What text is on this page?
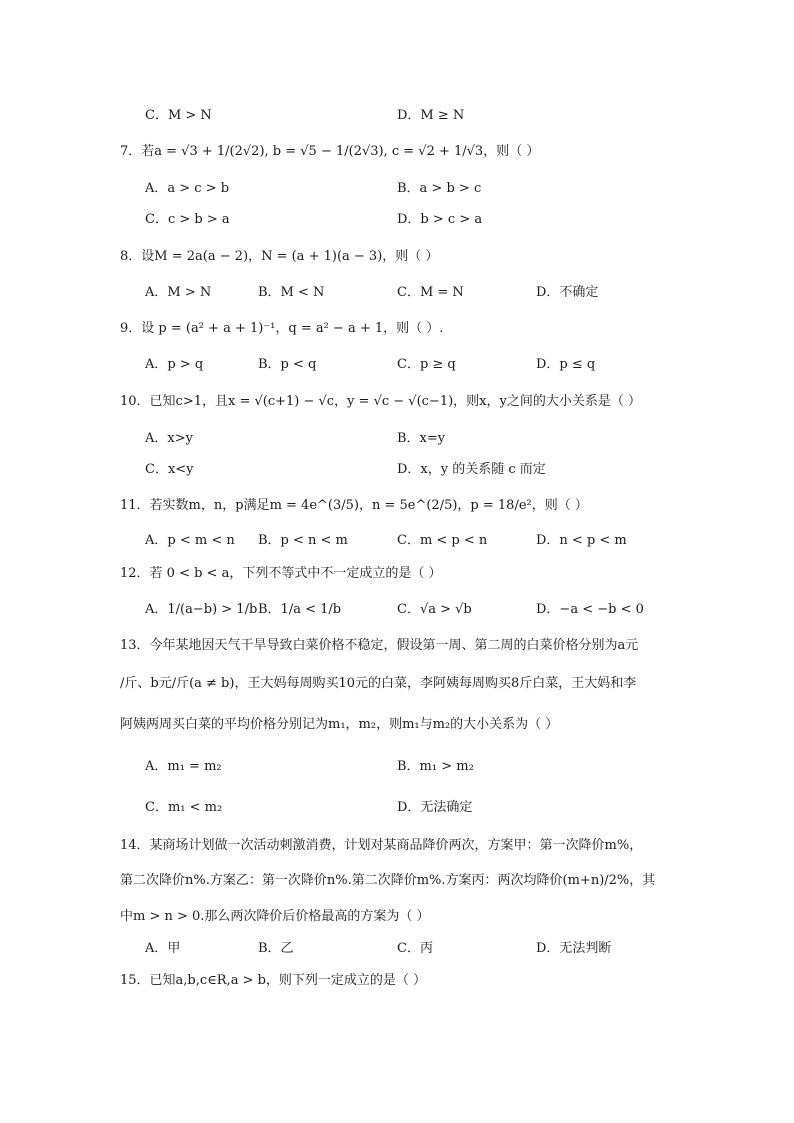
C．M > N	D．M ≥ N
7．若a = √3 + 1/(2√2), b = √5 − 1/(2√3), c = √2 + 1/√3，则（ ）
A．a > c > b	B．a > b > c
C．c > b > a	D．b > c > a
8．设M = 2a(a − 2)，N = (a + 1)(a − 3)，则（ ）
A．M > N	B．M < N	C．M = N	D．不确定
9．设 p = (a² + a + 1)⁻¹，q = a² − a + 1，则（ ）.
A．p > q	B．p < q	C．p ≥ q	D．p ≤ q
10．已知c>1，且x = √(c+1) − √c，y = √c − √(c−1)，则x，y之间的大小关系是（ ）
A．x>y	B．x=y
C．x<y	D．x，y 的关系随 c 而定
11．若实数m，n，p满足m = 4e^(3/5)，n = 5e^(2/5)，p = 18/e²，则（ ）
A．p < m < n B．p < n < m	C．m < p < n	D．n < p < m
12．若 0 < b < a，下列不等式中不一定成立的是（ ）
A．1/(a−b) > 1/b B．1/a < 1/b	C．√a > √b	D．−a < −b < 0
13．今年某地因天气干旱导致白菜价格不稳定，假设第一周、第二周的白菜价格分别为a元
/斤、b元/斤(a ≠ b)，王大妈每周购买10元的白菜，李阿姨每周购买8斤白菜，王大妈和李
阿姨两周买白菜的平均价格分别记为m₁，m₂，则m₁与m₂的大小关系为（ ）
A．m₁ = m₂	B．m₁ > m₂
C．m₁ < m₂	D．无法确定
14．某商场计划做一次活动刺激消费，计划对某商品降价两次，方案甲：第一次降价m%，
第二次降价n%.方案乙：第一次降价n%.第二次降价m%.方案丙：两次均降价(m+n)/2%，其
中m > n > 0.那么两次降价后价格最高的方案为（ ）
A．甲	B．乙	C．丙	D．无法判断
15．已知a,b,c∈R,a > b，则下列一定成立的是（ ）
